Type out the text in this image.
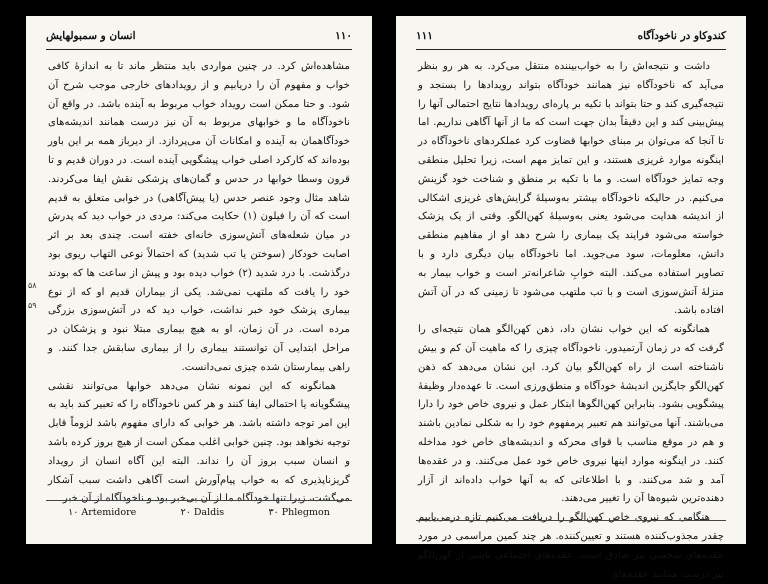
انسان و سمبولهایش	۱۱۰

مشاهده‌اش کرد. در چنین مواردی باید منتظر ماند تا به اندازهٔ کافی خواب و مفهوم آن را دریابیم و از رویدادهای خارجی موجب شرح آن شود. و حتا ممکن است رویداد خواب مربوط به آینده باشد. در واقع آن ناخودآگاه ما و خوابهای مربوط به آن نیز درست همانند اندیشه‌های خودآگاهمان به آینده و امکانات آن می‌پردازد. از دیرباز همه بر این باور بوده‌اند که کارکرد اصلی خواب پیشگویی آینده است. در دوران قدیم و تا قرون وسطا خوابها در حدس و گمان‌های پزشکی نقش ایفا می‌کردند. شاهد مثال وجود عنصر حدس (یا پیش‌آگاهی) در خوابی متعلق به قدیم است که آن را فیلون (۱) حکایت می‌کند: مردی در خواب دید که پدرش در میان شعله‌های آتش‌سوزی خانه‌ای خفته است. چندی بعد بر اثر اصابت خودکار (سوختن یا تب شدید) که احتمالاً نوعی التهاب ریوی بود درگذشت. با درد شدید (۲) خواب دیده بود و پیش از ساعت ها که بودند خود را یافت که ملتهب نمی‌شد. یکی از بیماران قدیم او که از نوع بیماری پزشک خود خبر نداشت، خواب دید که در آتش‌سوزی بزرگی مرده است. در آن زمان، او به هیچ بیماری مبتلا نبود و پزشکان در مراحل ابتدایی آن توانستند بیماری را از بیماری سابقش جدا کنند. و راهی بیمارستان شده چیزی نمی‌دانست.

همانگونه که این نمونه نشان می‌دهد خوابها می‌توانند نقشی پیشگویانه یا احتمالی ایفا کنند و هر کس ناخودآگاه را که تعبیر کند باید به این امر توجه داشته باشد. هر خوابی که دارای مفهوم باشد لزوماً قابل توجیه نخواهد بود. چنین خوابی اغلب ممکن است از هیچ بروز کرده باشد و انسان سبب بروز آن را نداند. البته این آگاه انسان از رویداد گریزناپذیری که به خواب پیام‌آورش است آگاهی داشت سبب آشکار می‌گشت، زیرا تنها خودآگاه ما از آن بی‌خبر بود و ناخودآگاه از آن خبر

۵۸
۵۹
۱۰ Artemidore	۲۰ Daldis	۳۰ Phlegmon
۱۱۱	کندوکاو در ناخودآگاه

داشت و نتیجه‌اش را به خواب‌بیننده منتقل می‌کرد. به هر رو بنظر می‌آید که ناخودآگاه نیز همانند خودآگاه بتواند رویدادها را بسنجد و نتیجه‌گیری کند و حتا بتواند با تکیه بر پاره‌ای رویدادها نتایج احتمالی آنها را پیش‌بینی کند و این دقیقاً بدان جهت است که ما از آنها آگاهی نداریم. اما تا آنجا که می‌توان بر مبنای خوابها قضاوت کرد عملکردهای ناخودآگاه در اینگونه موارد غریزی هستند، و این تمایز مهم است، زیرا تحلیل منطقی وجه تمایز خودآگاه است. و ما با تکیه بر منطق و شناخت خود گزینش می‌کنیم. در حالیکه ناخودآگاه بیشتر به‌وسیلهٔ گرایش‌های غریزی اشکالی از اندیشه هدایت می‌شود یعنی به‌وسیلهٔ کهن‌الگو. وقتی از یک پزشک خواسته می‌شود فرایند یک بیماری را شرح دهد او از مفاهیم منطقی دانش، معلومات، سود می‌جوید. اما ناخودآگاه بیان دیگری دارد و با تصاویر استفاده می‌کند. البته خوابِ شاعرانه‌تر است و خواب بیمار به منزلهٔ آتش‌سوزی است و با تب ملتهب می‌شود تا زمینی که در آن آتش افتاده باشد.

همانگونه که این خواب نشان داد، ذهن کهن‌الگو همان نتیجه‌ای را گرفت که در زمان آرتمیدور. ناخودآگاه چیزی را که ماهیت آن کم و بیش ناشناخته است از راه کهن‌الگو بیان کرد. این نشان می‌دهد که ذهن کهن‌الگو جایگزین اندیشهٔ خودآگاه و منطق‌ورزی است. تا عهده‌دار وظیفهٔ پیشگویی بشود. بنابراین کهن‌الگوها ابتکار عمل و نیروی خاص خود را دارا می‌باشند. آنها می‌توانند هم تعبیر پرمفهوم خود را به شکلی نمادین باشند و هم در موقع مناسب با قوای محرکه و اندیشه‌های خاص خود مداخله کنند. در اینگونه موارد اینها نیروی خاص خود عمل می‌کنند. و در عقده‌ها آمد و شد می‌کنند. و با اطلاعاتی که به آنها خواب داده‌اند از آزار دهنده‌ترین شیوه‌ها آن را تغییر می‌دهند.

هنگامی که نیروی خاص کهن‌الگو را دریافت می‌کنیم تازه درمی‌یابیم چقدر مجذوب‌کننده هستند و تعیین‌کننده. هر چند کمین مراسمی در مورد عقده‌های شخصی نیز صادق است. عقده‌های اجتماعی ناشی از کهن‌الگو نیز درست همانند عقده‌های
